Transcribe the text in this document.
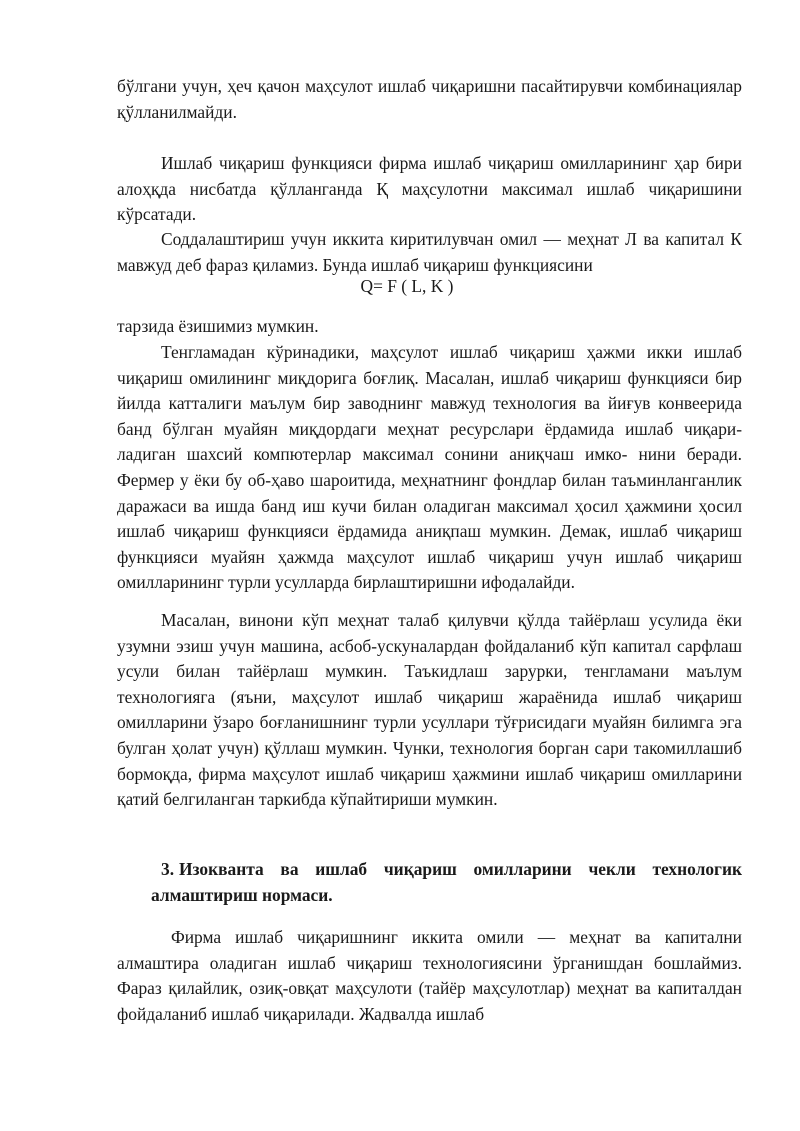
бўлгани учун, ҳеч қачон маҳсулот ишлаб чиқаришни пасайтирувчи комбинациялар қўлланилмайди.

Ишлаб чиқариш функцияси фирма ишлаб чиқариш омилларининг ҳар бири алоҳқда нисбатда қўлланганда Қ маҳсулотни максимал ишлаб чиқаришини кўрсатади.

Соддалаштириш учун иккита киритилувчан омил — меҳнат Л ва капитал К мавжуд деб фараз қиламиз. Бунда ишлаб чиқариш функциясини

Q= F ( L, K )

тарзида ёзишимиз мумкин.

Тенгламадан кўринадики, маҳсулот ишлаб чиқариш ҳажми икки ишлаб чиқариш омилининг миқдорига боғлиқ. Масалан, ишлаб чиқариш функцияси бир йилда катталиги маълум бир заводнинг мавжуд технология ва йиғув конвеерида банд бўлган муайян миқдордаги меҳнат ресурслари ёрдамида ишлаб чиқари- ладиган шахсий компютерлар максимал сонини аниқчаш имко- нини беради. Фермер у ёки бу об-ҳаво шароитида, меҳнатнинг фондлар билан таъминланганлик даражаси ва ишда банд иш кучи билан оладиган максимал ҳосил ҳажмини ҳосил ишлаб чиқариш функцияси ёрдамида аниқпаш мумкин. Демак, ишлаб чиқариш функцияси муайян ҳажмда маҳсулот ишлаб чиқариш учун ишлаб чиқариш омилларининг турли усулларда бирлаштиришни ифодалайди.

Масалан, винони кўп меҳнат талаб қилувчи қўлда тайёрлаш усулида ёки узумни эзиш учун машина, асбоб-ускуналардан фойдаланиб кўп капитал сарфлаш усули билан тайёрлаш мумкин. Таъкидлаш зарурки, тенгламани маълум технологияга (яъни, маҳсулот ишлаб чиқариш жараёнида ишлаб чиқариш омилларини ўзаро боғланишнинг турли усуллари тўғрисидаги муайян билимга эга булган ҳолат учун) қўллаш мумкин. Чунки, технология борган сари такомиллашиб бормоқда, фирма маҳсулот ишлаб чиқариш ҳажмини ишлаб чиқариш омилларини қатий белгиланган таркибда кўпайтириши мумкин.

3. Изокванта ва ишлаб чиқариш омилларини чекли технологик алмаштириш нормаси.

Фирма ишлаб чиқаришнинг иккита омили — меҳнат ва капитални алмаштира оладиган ишлаб чиқариш технологиясини ўрганишдан бошлаймиз. Фараз қилайлик, озиқ-овқат маҳсулоти (тайёр маҳсулотлар) меҳнат ва капиталдан фойдаланиб ишлаб чиқарилади. Жадвалда ишлаб
